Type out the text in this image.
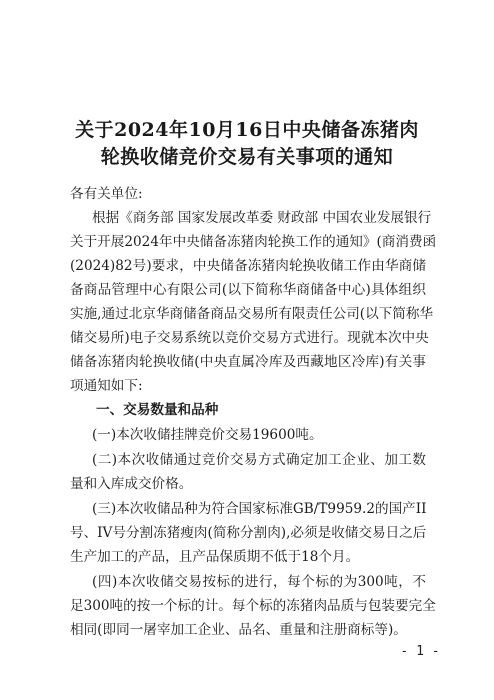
关于2024年10月16日中央储备冻猪肉
轮换收储竞价交易有关事项的通知
各有关单位:
根据《商务部 国家发展改革委 财政部 中国农业发展银行
关于开展2024年中央储备冻猪肉轮换工作的通知》(商消费函
(2024)82号)要求，中央储备冻猪肉轮换收储工作由华商储
备商品管理中心有限公司(以下简称华商储备中心)具体组织
实施,通过北京华商储备商品交易所有限责任公司(以下简称华
储交易所)电子交易系统以竞价交易方式进行。现就本次中央
储备冻猪肉轮换收储(中央直属冷库及西藏地区冷库)有关事
项通知如下:
一、交易数量和品种
(一)本次收储挂牌竞价交易19600吨。
(二)本次收储通过竞价交易方式确定加工企业、加工数
量和入库成交价格。
(三)本次收储品种为符合国家标准GB/T9959.2的国产II
号、IV号分割冻猪瘦肉(简称分割肉),必须是收储交易日之后
生产加工的产品，且产品保质期不低于18个月。
(四)本次收储交易按标的进行，每个标的为300吨，不
足300吨的按一个标的计。每个标的冻猪肉品质与包装要完全
相同(即同一屠宰加工企业、品名、重量和注册商标等)。
- 1 -
